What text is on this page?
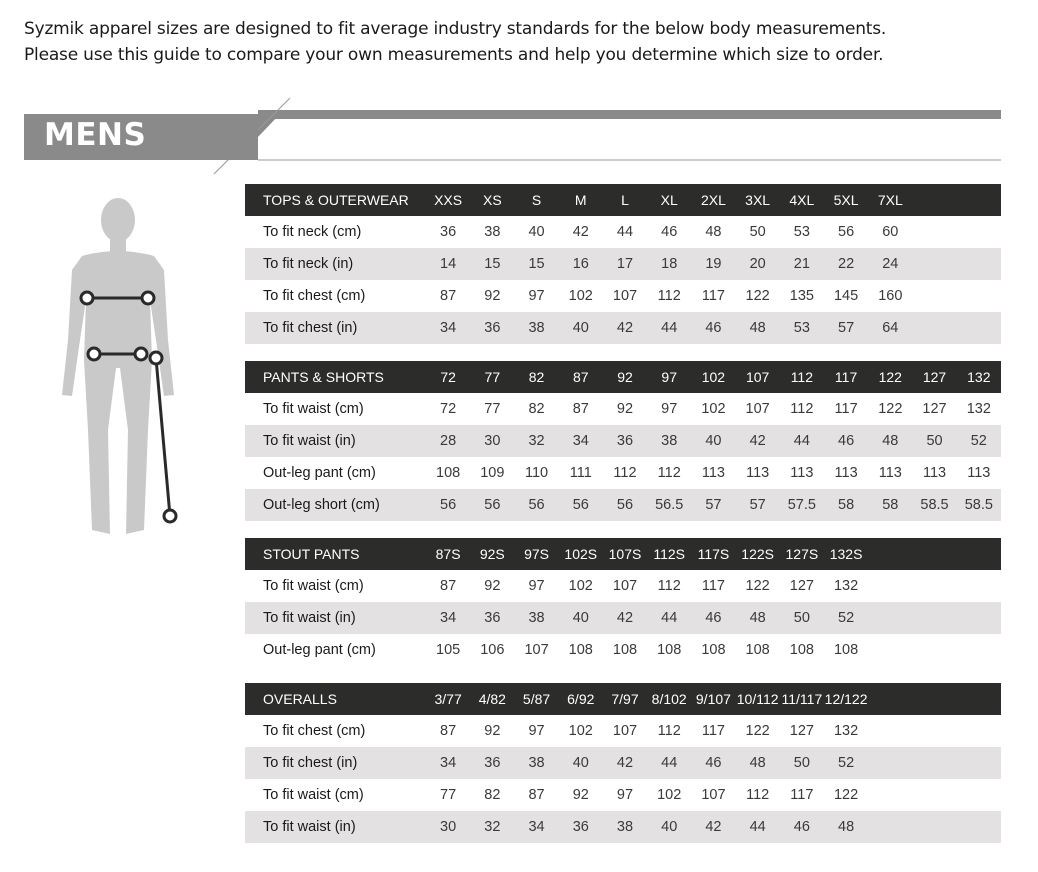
Syzmik apparel sizes are designed to fit average industry standards for the below body measurements.

Please use this guide to compare your own measurements and help you determine which size to order.

MENS
TOPS & OUTERWEAR	XXS	XS	S	M	L	XL	2XL	3XL	4XL	5XL	7XL		
To fit neck (cm)	36	38	40	42	44	46	48	50	53	56	60		
To fit neck (in)	14	15	15	16	17	18	19	20	21	22	24		
To fit chest (cm)	87	92	97	102	107	112	117	122	135	145	160		
To fit chest (in)	34	36	38	40	42	44	46	48	53	57	64		
PANTS & SHORTS	72	77	82	87	92	97	102	107	112	117	122	127	132
To fit waist (cm)	72	77	82	87	92	97	102	107	112	117	122	127	132
To fit waist (in)	28	30	32	34	36	38	40	42	44	46	48	50	52
Out-leg pant (cm)	108	109	110	111	112	112	113	113	113	113	113	113	113
Out-leg short (cm)	56	56	56	56	56	56.5	57	57	57.5	58	58	58.5	58.5
STOUT PANTS	87S	92S	97S	102S	107S	112S	117S	122S	127S	132S			
To fit waist (cm)	87	92	97	102	107	112	117	122	127	132			
To fit waist (in)	34	36	38	40	42	44	46	48	50	52			
Out-leg pant (cm)	105	106	107	108	108	108	108	108	108	108			
OVERALLS	3/77	4/82	5/87	6/92	7/97	8/102	9/107	10/112	11/117	12/122			
To fit chest (cm)	87	92	97	102	107	112	117	122	127	132			
To fit chest (in)	34	36	38	40	42	44	46	48	50	52			
To fit waist (cm)	77	82	87	92	97	102	107	112	117	122			
To fit waist (in)	30	32	34	36	38	40	42	44	46	48			
